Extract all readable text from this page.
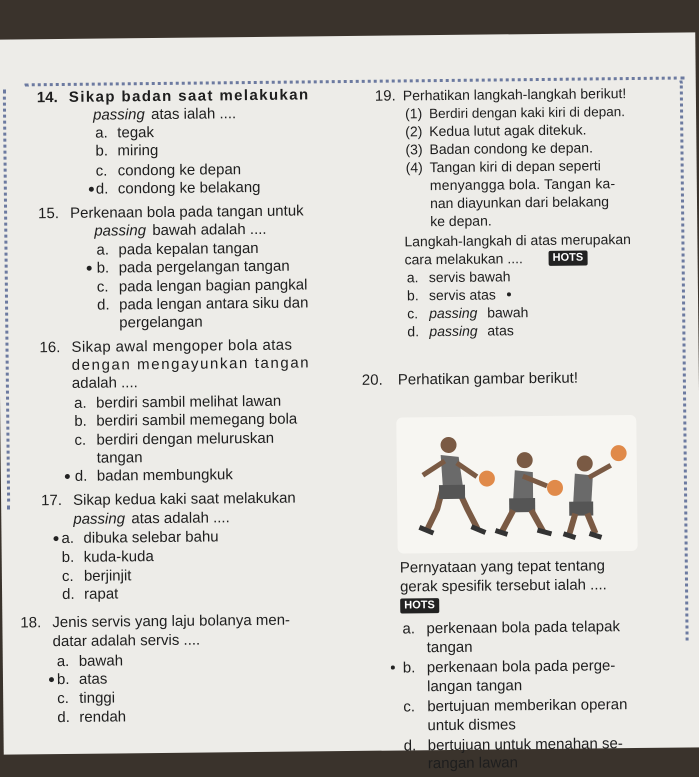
14. Sikap badan saat melakukan
passing atas ialah ....
a. tegak
b. miring
c. condong ke depan
d. condong ke belakang
15. Perkenaan bola pada tangan untuk
passing bawah adalah ....
a. pada kepalan tangan
b. pada pergelangan tangan
c. pada lengan bagian pangkal
d. pada lengan antara siku dan
pergelangan
16. Sikap awal mengoper bola atas
dengan mengayunkan tangan
adalah ....
a. berdiri sambil melihat lawan
b. berdiri sambil memegang bola
c. berdiri dengan meluruskan
tangan
d. badan membungkuk
17. Sikap kedua kaki saat melakukan
passing atas adalah ....
a. dibuka selebar bahu
b. kuda-kuda
c. berjinjit
d. rapat
18. Jenis servis yang laju bolanya men-
datar adalah servis ....
a. bawah
b. atas
c. tinggi
d. rendah
19. Perhatikan langkah-langkah berikut!
(1) Berdiri dengan kaki kiri di depan.
(2) Kedua lutut agak ditekuk.
(3) Badan condong ke depan.
(4) Tangan kiri di depan seperti
menyangga bola. Tangan ka-
nan diayunkan dari belakang
ke depan.
Langkah-langkah di atas merupakan
cara melakukan ....	HOTS
a. servis bawah
b. servis atas
c. passing bawah
d. passing atas
20. Perhatikan gambar berikut!
Pernyataan yang tepat tentang
gerak spesifik tersebut ialah ....
HOTS
a. perkenaan bola pada telapak
tangan
b. perkenaan bola pada perge-
langan tangan
c. bertujuan memberikan operan
untuk dismes
d. bertujuan untuk menahan se-
rangan lawan
